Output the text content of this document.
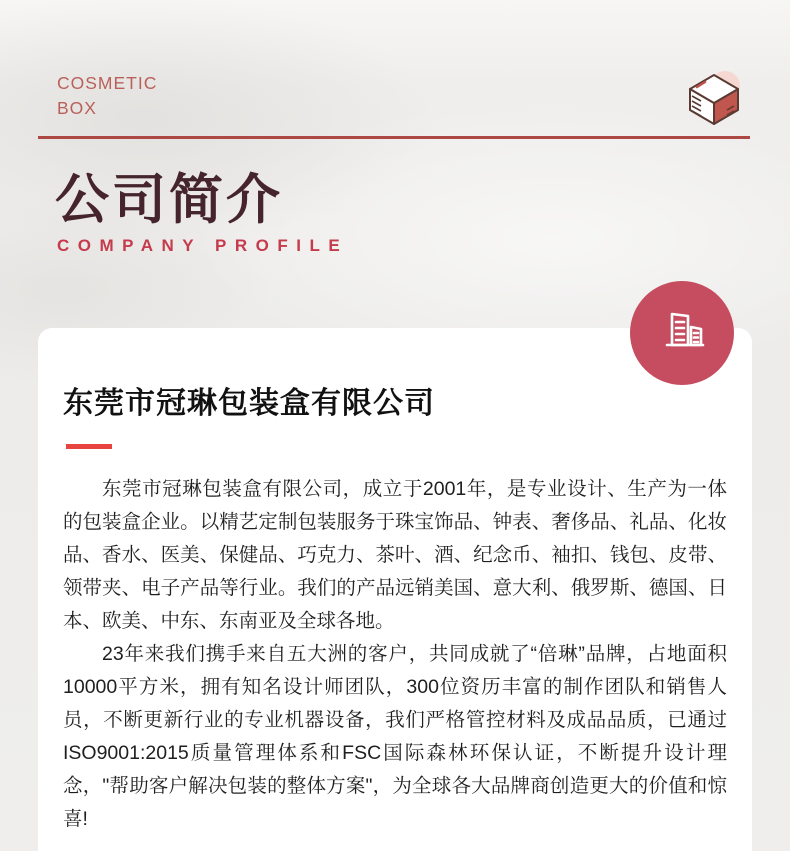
COSMETIC
BOX
公司简介
COMPANY PROFILE
东莞市冠琳包装盒有限公司

东莞市冠琳包装盒有限公司，成立于2001年，是专业设计、生产为一体的包装盒企业。以精艺定制包装服务于珠宝饰品、钟表、奢侈品、礼品、化妆品、香水、医美、保健品、巧克力、茶叶、酒、纪念币、袖扣、钱包、皮带、领带夹、电子产品等行业。我们的产品远销美国、意大利、俄罗斯、德国、日本、欧美、中东、东南亚及全球各地。

23年来我们携手来自五大洲的客户，共同成就了“倍琳”品牌，占地面积10000平方米，拥有知名设计师团队，300位资历丰富的制作团队和销售人员，不断更新行业的专业机器设备，我们严格管控材料及成品品质，已通过ISO9001:2015质量管理体系和FSC国际森林环保认证，不断提升设计理念，"帮助客户解决包装的整体方案"，为全球各大品牌商创造更大的价值和惊喜!
